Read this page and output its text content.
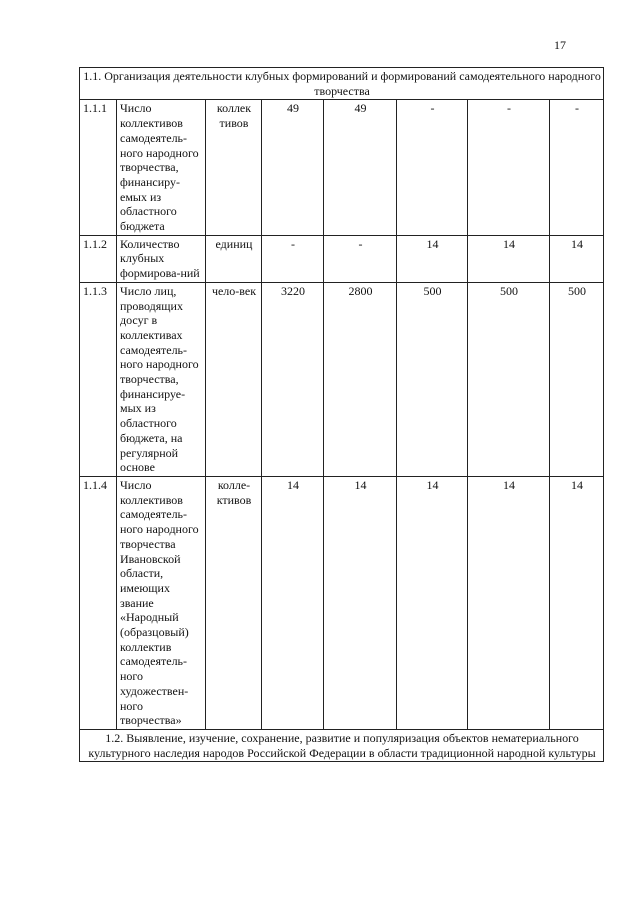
17
1.1. Организация деятельности клубных формирований и формирований самодеятельного народного творчества							
1.1.1	Число коллективов самодеятель-ного народного творчества, финансиру-емых из областного бюджета	коллек тивов	49	49	-	-	-
1.1.2	Количество клубных формирова-ний	единиц	-	-	14	14	14
1.1.3	Число лиц, проводящих досуг в коллективах самодеятель-ного народного творчества, финансируе-мых из областного бюджета, на регулярной основе	чело-век	3220	2800	500	500	500
1.1.4	Число коллективов самодеятель-ного народного творчества Ивановской области, имеющих звание «Народный (образцовый) коллектив самодеятель-ного художествен-ного творчества»	колле-ктивов	14	14	14	14	14
1.2. Выявление, изучение, сохранение, развитие и популяризация объектов нематериального культурного наследия народов Российской Федерации в области традиционной народной культуры							
